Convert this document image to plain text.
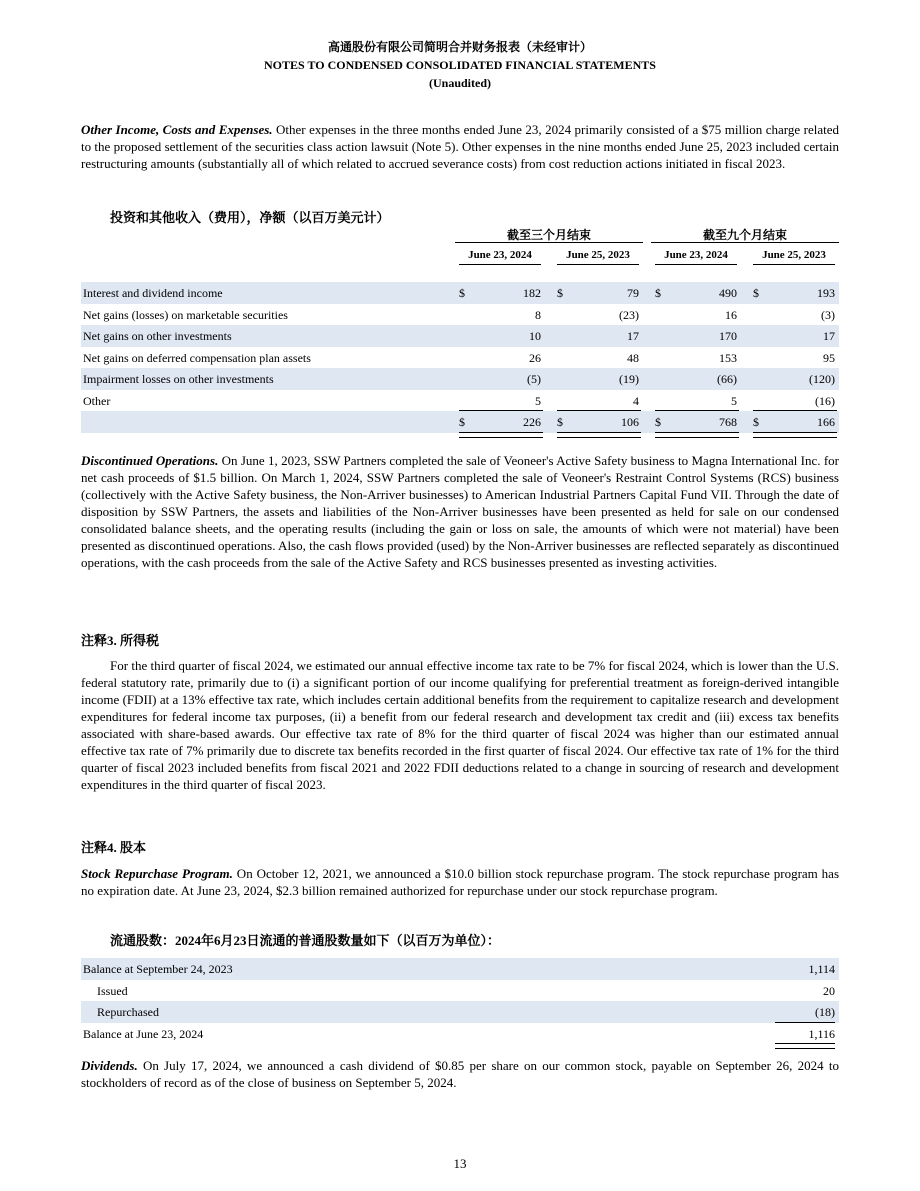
高通股份有限公司简明合并财务报表（未经审计）
NOTES TO CONDENSED CONSOLIDATED FINANCIAL STATEMENTS
(Unaudited)
Other Income, Costs and Expenses. Other expenses in the three months ended June 23, 2024 primarily consisted of a $75 million charge related to the proposed settlement of the securities class action lawsuit (Note 5). Other expenses in the nine months ended June 25, 2023 included certain restructuring amounts (substantially all of which related to accrued severance costs) from cost reduction actions initiated in fiscal 2023.
投资和其他收入（费用），净额（以百万美元计）
截至三个月结束	截至九个月结束
June 23, 2024	June 25, 2023	June 23, 2024	June 25, 2023
Interest and dividend income	$	182 $	79 $	490 $	193
Net gains (losses) on marketable securities	8	(23)	16	(3)
Net gains on other investments	10	17	170	17
Net gains on deferred compensation plan assets	26	48	153	95
Impairment losses on other investments	(5)	(19)	(66)	(120)
Other	5	4	5	(16)
$	226 $	106 $	768 $	166
Discontinued Operations. On June 1, 2023, SSW Partners completed the sale of Veoneer's Active Safety business to Magna International Inc. for net cash proceeds of $1.5 billion. On March 1, 2024, SSW Partners completed the sale of Veoneer's Restraint Control Systems (RCS) business (collectively with the Active Safety business, the Non-Arriver businesses) to American Industrial Partners Capital Fund VII. Through the date of disposition by SSW Partners, the assets and liabilities of the Non-Arriver businesses have been presented as held for sale on our condensed consolidated balance sheets, and the operating results (including the gain or loss on sale, the amounts of which were not material) have been presented as discontinued operations. Also, the cash flows provided (used) by the Non-Arriver businesses are reflected separately as discontinued operations, with the cash proceeds from the sale of the Active Safety and RCS businesses presented as investing activities.
注释3. 所得税
For the third quarter of fiscal 2024, we estimated our annual effective income tax rate to be 7% for fiscal 2024, which is lower than the U.S. federal statutory rate, primarily due to (i) a significant portion of our income qualifying for preferential treatment as foreign-derived intangible income (FDII) at a 13% effective tax rate, which includes certain additional benefits from the requirement to capitalize research and development expenditures for federal income tax purposes, (ii) a benefit from our federal research and development tax credit and (iii) excess tax benefits associated with share-based awards. Our effective tax rate of 8% for the third quarter of fiscal 2024 was higher than our estimated annual effective tax rate of 7% primarily due to discrete tax benefits recorded in the first quarter of fiscal 2024. Our effective tax rate of 1% for the third quarter of fiscal 2023 included benefits from fiscal 2021 and 2022 FDII deductions related to a change in sourcing of research and development expenditures in the third quarter of fiscal 2023.
注释4. 股本
Stock Repurchase Program. On October 12, 2021, we announced a $10.0 billion stock repurchase program. The stock repurchase program has no expiration date. At June 23, 2024, $2.3 billion remained authorized for repurchase under our stock repurchase program.
流通股数：2024年6月23日流通的普通股数量如下（以百万为单位）：
Balance at September 24, 2023	1,114
Issued	20
Repurchased	(18)
Balance at June 23, 2024	1,116
Dividends. On July 17, 2024, we announced a cash dividend of $0.85 per share on our common stock, payable on September 26, 2024 to stockholders of record as of the close of business on September 5, 2024.
13
